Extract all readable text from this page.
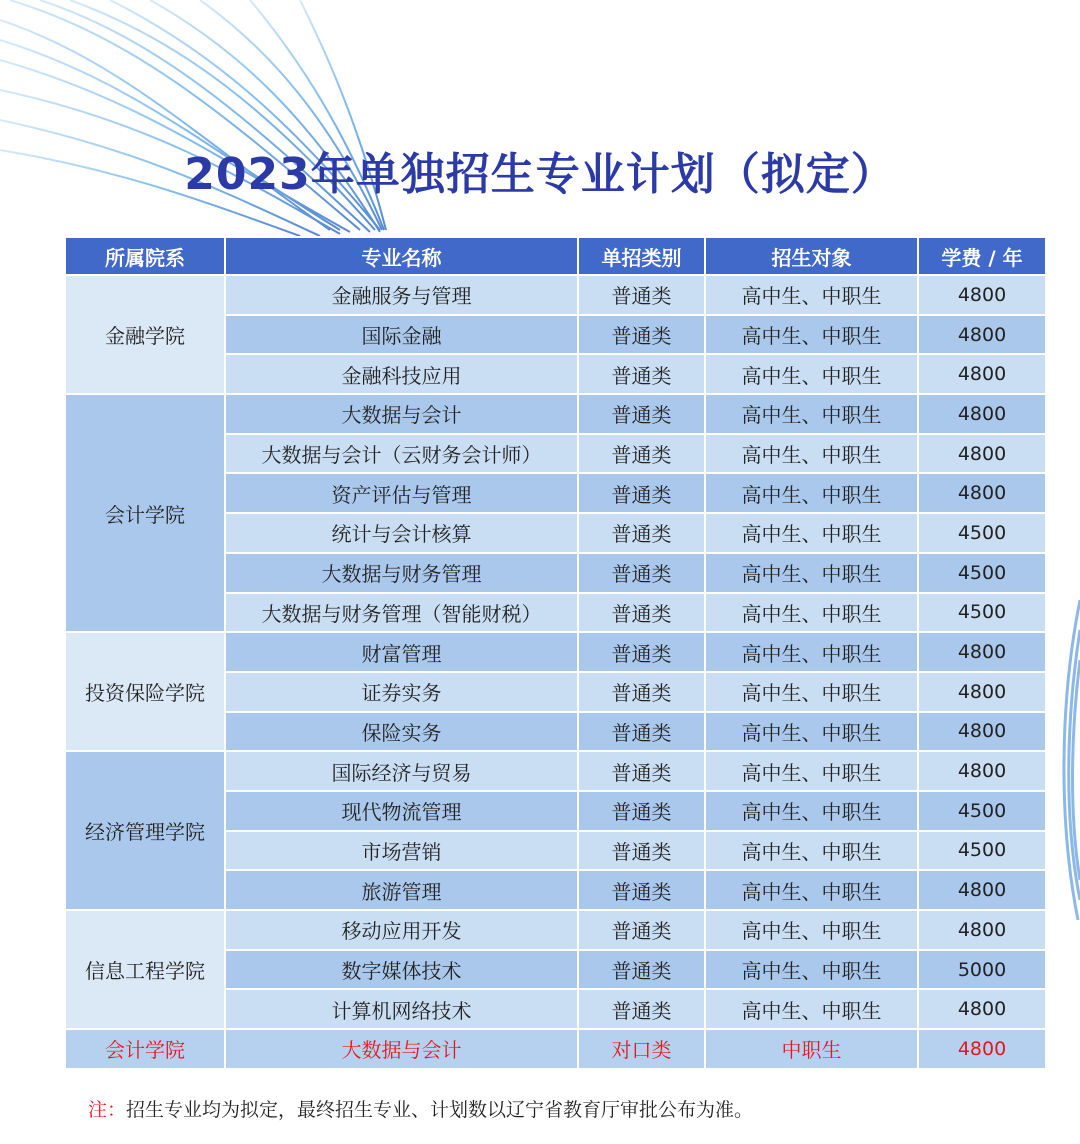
2023年单独招生专业计划（拟定）
所属院系	专业名称	单招类别	招生对象	学费 / 年
金融学院	金融服务与管理	普通类	高中生、中职生	4800
	国际金融	普通类	高中生、中职生	4800
	金融科技应用	普通类	高中生、中职生	4800
会计学院	大数据与会计	普通类	高中生、中职生	4800
	大数据与会计（云财务会计师）	普通类	高中生、中职生	4800
	资产评估与管理	普通类	高中生、中职生	4800
	统计与会计核算	普通类	高中生、中职生	4500
	大数据与财务管理	普通类	高中生、中职生	4500
	大数据与财务管理（智能财税）	普通类	高中生、中职生	4500
投资保险学院	财富管理	普通类	高中生、中职生	4800
	证券实务	普通类	高中生、中职生	4800
	保险实务	普通类	高中生、中职生	4800
经济管理学院	国际经济与贸易	普通类	高中生、中职生	4800
	现代物流管理	普通类	高中生、中职生	4500
	市场营销	普通类	高中生、中职生	4500
	旅游管理	普通类	高中生、中职生	4800
信息工程学院	移动应用开发	普通类	高中生、中职生	4800
	数字媒体技术	普通类	高中生、中职生	5000
	计算机网络技术	普通类	高中生、中职生	4800
会计学院	大数据与会计	对口类	中职生	4800
注：招生专业均为拟定，最终招生专业、计划数以辽宁省教育厅审批公布为准。
